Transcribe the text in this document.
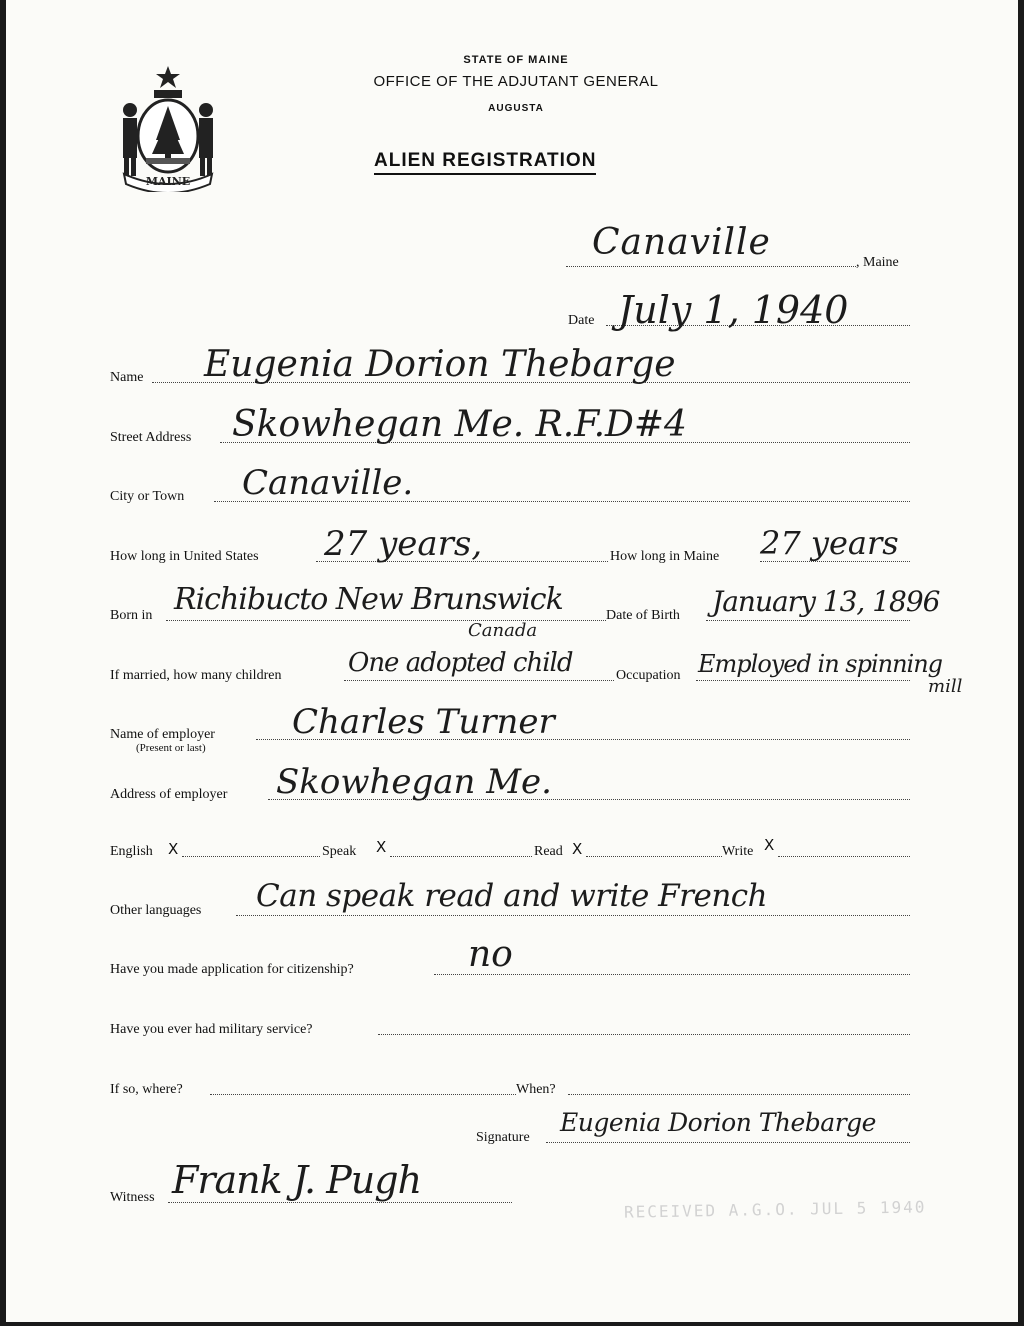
MAINE
STATE OF MAINE
OFFICE OF THE ADJUTANT GENERAL
AUGUSTA
ALIEN REGISTRATION
Canaville	, Maine
Date July 1, 1940
Name Eugenia Dorion Thebarge
Street Address Skowhegan Me. R.F.D#4
City or Town Canaville.
How long in United States 27 years,	How long in Maine 27 years
Born in Richibucto New Brunswick
Canada
Date of Birth January 13, 1896
If married, how many children	One adopted child	Occupation Employed in spinning
mill
Name of employer
(Present or last)
Charles Turner
Address of employer Skowhegan Me.
English X	Speak X	Read X	Write X
Other languages Can speak read and write French
Have you made application for citizenship?	no
Have you ever had military service?
If so, where?	When?
Signature
Eugenia Dorion Thebarge
Witness Frank J. Pugh
RECEIVED A.G.O. JUL 5 1940
